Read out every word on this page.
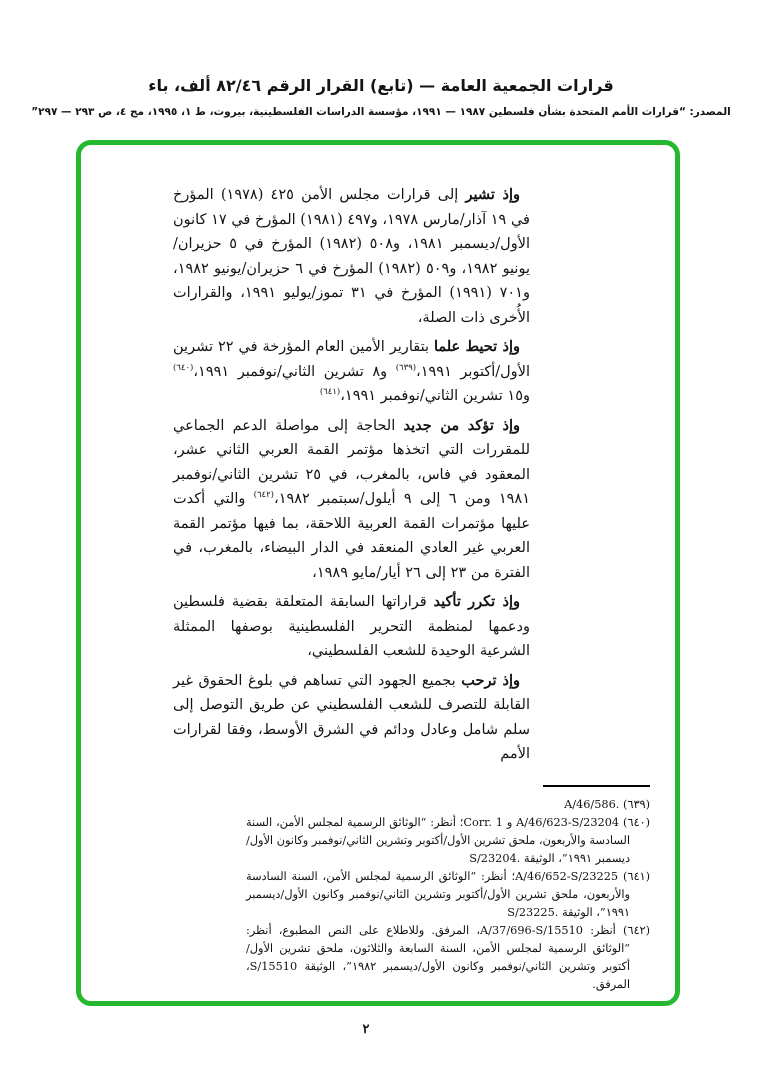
قرارات الجمعية العامة — (تابع) القرار الرقم ٨٢/٤٦ ألف، باء
المصدر: “قرارات الأمم المتحدة بشأن فلسطين ١٩٨٧ — ١٩٩١، مؤسسة الدراسات الفلسطينية، بيروت، ط ١، ١٩٩٥، مج ٤، ص ٢٩٣ — ٢٩٧”

وإذ تشير إلى قرارات مجلس الأمن ٤٢٥ (١٩٧٨) المؤرخ في ١٩ آذار/مارس ١٩٧٨، و٤٩٧ (١٩٨١) المؤرخ في ١٧ كانون الأول/ديسمبر ١٩٨١، و٥٠٨ (١٩٨٢) المؤرخ في ٥ حزيران/يونيو ١٩٨٢، و٥٠٩ (١٩٨٢) المؤرخ في ٦ حزيران/يونيو ١٩٨٢، و٧٠١ (١٩٩١) المؤرخ في ٣١ تموز/يوليو ١٩٩١، والقرارات الأُخرى ذات الصلة،

وإذ تحيط علما بتقارير الأمين العام المؤرخة في ٢٢ تشرين الأول/أكتوبر ١٩٩١،$^{(٦٣٩)}$ و٨ تشرين الثاني/نوفمبر ١٩٩١،$^{(٦٤٠)}$ و١٥ تشرين الثاني/نوفمبر ١٩٩١،$^{(٦٤١)}$

وإذ تؤكد من جديد الحاجة إلى مواصلة الدعم الجماعي للمقررات التي اتخذها مؤتمر القمة العربي الثاني عشر، المعقود في فاس، بالمغرب، في ٢٥ تشرين الثاني/نوفمبر ١٩٨١ ومن ٦ إلى ٩ أيلول/سبتمبر ١٩٨٢،$^{(٦٤٢)}$ والتي أكدت عليها مؤتمرات القمة العربية اللاحقة، بما فيها مؤتمر القمة العربي غير العادي المنعقد في الدار البيضاء، بالمغرب، في الفترة من ٢٣ إلى ٢٦ أيار/مايو ١٩٨٩،

وإذ تكرر تأكيد قراراتها السابقة المتعلقة بقضية فلسطين ودعمها لمنظمة التحرير الفلسطينية بوصفها الممثلة الشرعية الوحيدة للشعب الفلسطيني،

وإذ ترحب بجميع الجهود التي تساهم في بلوغ الحقوق غير القابلة للتصرف للشعب الفلسطيني عن طريق التوصل إلى سلم شامل وعادل ودائم في الشرق الأوسط، وفقا لقرارات الأمم

(٦٣٩) A/46/586.

(٦٤٠) A/46/623-S/23204 و Corr. 1؛ أنظر: “الوثائق الرسمية لمجلس الأمن، السنة السادسة والأربعون، ملحق تشرين الأول/أكتوبر وتشرين الثاني/نوفمبر وكانون الأول/ديسمبر ١٩٩١”، الوثيقة S/23204.

(٦٤١) A/46/652-S/23225؛ أنظر: “الوثائق الرسمية لمجلس الأمن، السنة السادسة والأربعون، ملحق تشرين الأول/أكتوبر وتشرين الثاني/نوفمبر وكانون الأول/ديسمبر ١٩٩١”، الوثيقة S/23225.

(٦٤٢) أنظر: A/37/696-S/15510، المرفق. وللاطلاع على النص المطبوع، أنظر: “الوثائق الرسمية لمجلس الأمن، السنة السابعة والثلاثون، ملحق تشرين الأول/أكتوبر وتشرين الثاني/نوفمبر وكانون الأول/ديسمبر ١٩٨٢”، الوثيقة S/15510، المرفق.

٢
